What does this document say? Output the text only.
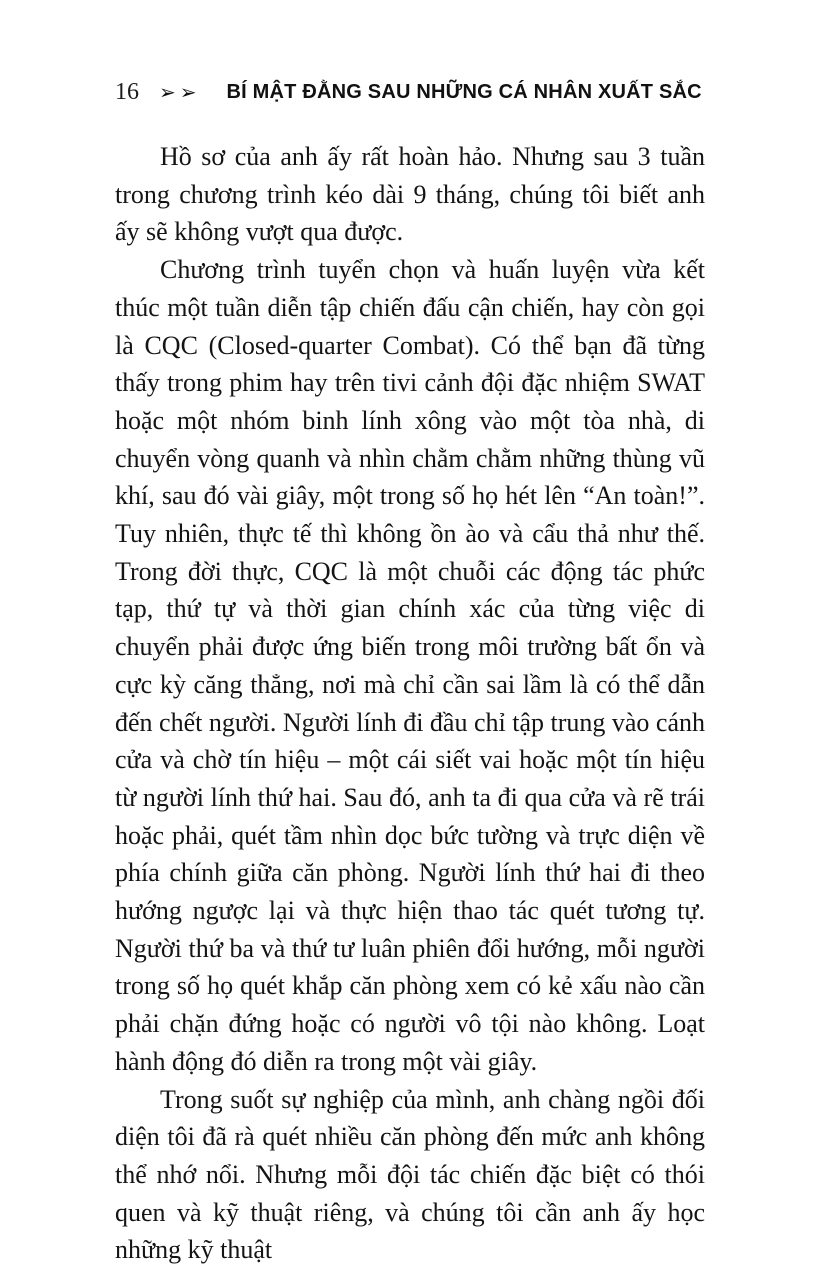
16 ➢➢ BÍ MẬT ĐẰNG SAU NHỮNG CÁ NHÂN XUẤT SẮC

Hồ sơ của anh ấy rất hoàn hảo. Nhưng sau 3 tuần trong chương trình kéo dài 9 tháng, chúng tôi biết anh ấy sẽ không vượt qua được.

Chương trình tuyển chọn và huấn luyện vừa kết thúc một tuần diễn tập chiến đấu cận chiến, hay còn gọi là CQC (Closed-quarter Combat). Có thể bạn đã từng thấy trong phim hay trên tivi cảnh đội đặc nhiệm SWAT hoặc một nhóm binh lính xông vào một tòa nhà, di chuyển vòng quanh và nhìn chằm chằm những thùng vũ khí, sau đó vài giây, một trong số họ hét lên “An toàn!”. Tuy nhiên, thực tế thì không ồn ào và cẩu thả như thế. Trong đời thực, CQC là một chuỗi các động tác phức tạp, thứ tự và thời gian chính xác của từng việc di chuyển phải được ứng biến trong môi trường bất ổn và cực kỳ căng thẳng, nơi mà chỉ cần sai lầm là có thể dẫn đến chết người. Người lính đi đầu chỉ tập trung vào cánh cửa và chờ tín hiệu – một cái siết vai hoặc một tín hiệu từ người lính thứ hai. Sau đó, anh ta đi qua cửa và rẽ trái hoặc phải, quét tầm nhìn dọc bức tường và trực diện về phía chính giữa căn phòng. Người lính thứ hai đi theo hướng ngược lại và thực hiện thao tác quét tương tự. Người thứ ba và thứ tư luân phiên đổi hướng, mỗi người trong số họ quét khắp căn phòng xem có kẻ xấu nào cần phải chặn đứng hoặc có người vô tội nào không. Loạt hành động đó diễn ra trong một vài giây.

Trong suốt sự nghiệp của mình, anh chàng ngồi đối diện tôi đã rà quét nhiều căn phòng đến mức anh không thể nhớ nổi. Nhưng mỗi đội tác chiến đặc biệt có thói quen và kỹ thuật riêng, và chúng tôi cần anh ấy học những kỹ thuật
